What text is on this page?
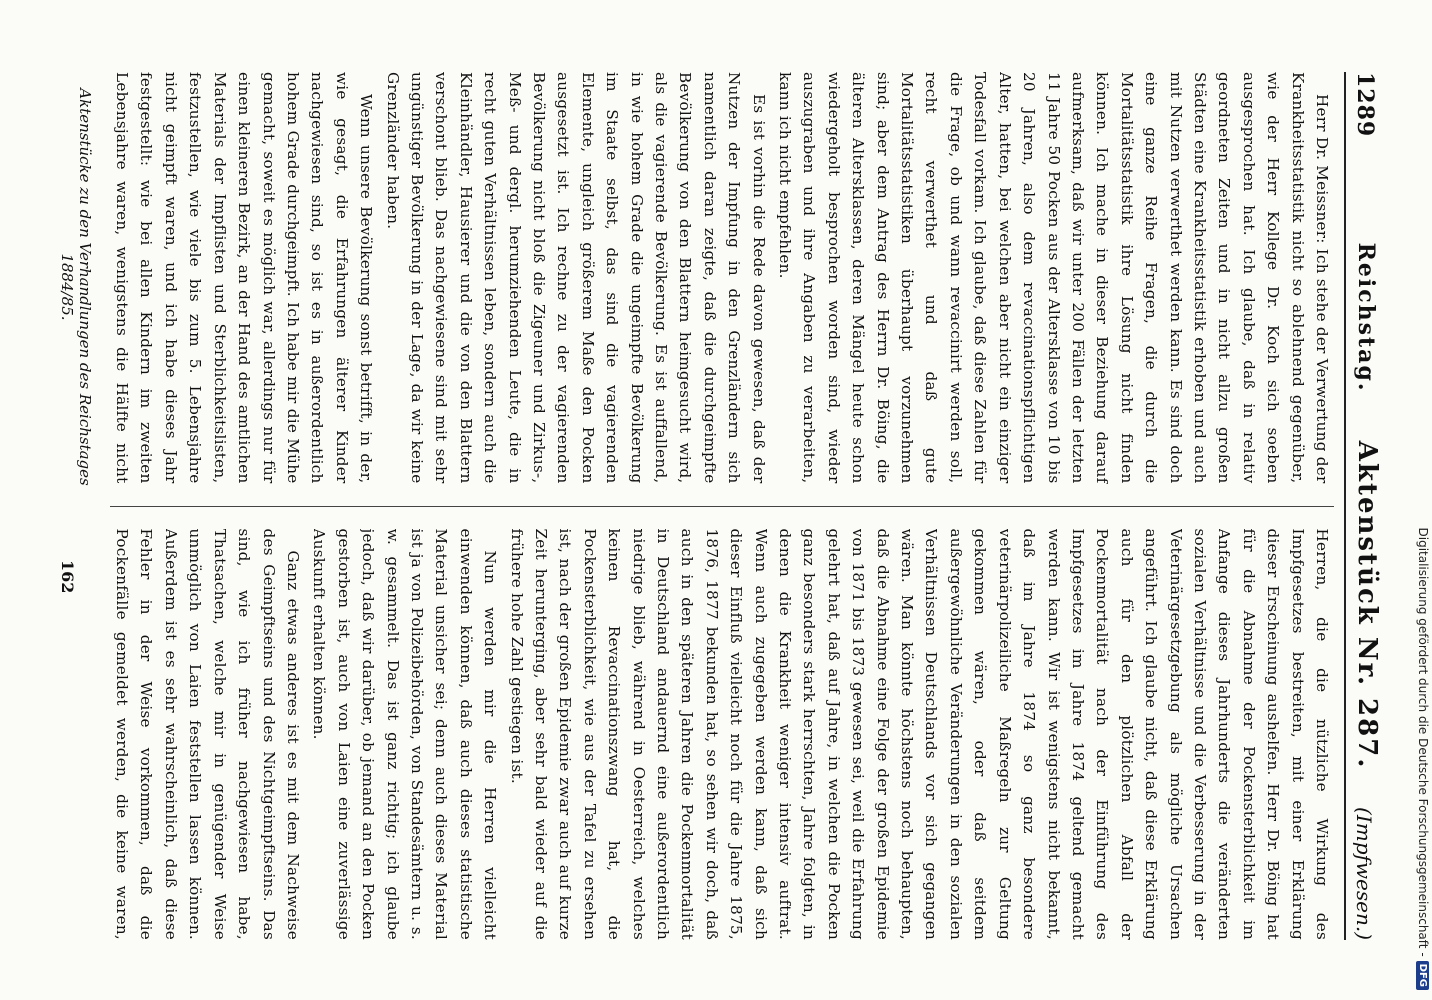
1289
Reichstag.     Aktenstück Nr. 287.
(Impfwesen.)

Herr Dr. Meissner: Ich stehe der Verwertung der Krankheitsstatistik nicht so ablehnend gegenüber, wie der Herr Kollege Dr. Koch sich soeben ausgesprochen hat. Ich glaube, daß in relativ geordneten Zeiten und in nicht allzu großen Städten eine Krankheitsstatistik erhoben und auch mit Nutzen verwerthet werden kann. Es sind doch eine ganze Reihe Fragen, die durch die Mortalitätsstatistik ihre Lösung nicht finden können. Ich mache in dieser Beziehung darauf aufmerksam, daß wir unter 200 Fällen der letzten 11 Jahre 50 Pocken aus der Altersklasse von 10 bis 20 Jahren, also dem revaccinationspflichtigen Alter, hatten, bei welchen aber nicht ein einziger Todesfall vorkam. Ich glaube, daß diese Zahlen für die Frage, ob und wann revaccinirt werden soll, recht verwerthet und daß gute Mortalitätsstatistiken überhaupt vorzunehmen sind; aber dem Antrag des Herrn Dr. Böing, die älteren Altersklassen, deren Mängel heute schon wiedergeholt besprochen worden sind, wieder auszugraben und ihre Angaben zu verarbeiten, kann ich nicht empfehlen.

Es ist vorhin die Rede davon gewesen, daß der Nutzen der Impfung in den Grenzländern sich namentlich daran zeigte, daß die durchgeimpfte Bevölkerung von den Blattern heimgesucht wird, als die vagierende Bevölkerung. Es ist auffallend, in wie hohem Grade die ungeimpfte Bevölkerung im Staate selbst, das sind die vagierenden Elemente, ungleich größerem Maße den Pocken ausgesetzt ist. Ich rechne zu der vagierenden Bevölkerung nicht bloß die Zigeuner und Zirkus-, Meß- und dergl. herumziehenden Leute, die in recht guten Verhältnissen leben, sondern auch die Kleinhändler, Hausierer und die von den Blattern verschont blieb. Das nachgewiesene sind mit sehr ungünstiger Bevölkerung in der Lage, da wir keine Grenzländer haben.

Wenn unsere Bevölkerung sonst betrifft, in der, wie gesagt, die Erfahrungen älterer Kinder nachgewiesen sind, so ist es in außerordentlich hohem Grade durchgeimpft. Ich habe mir die Mühe gemacht, soweit es möglich war, allerdings nur für einen kleineren Bezirk, an der Hand des amtlichen Materials der Impflisten und Sterblichkeitslisten, festzustellen, wie viele bis zum 5. Lebensjahre nicht geimpft waren, und ich habe dieses Jahr festgestellt: wie bei allen Kindern im zweiten Lebensjahre waren, wenigstens die Hälfte nicht

Herren, die die nützliche Wirkung des Impfgesetzes bestreiten, mit einer Erklärung dieser Erscheinung aushelfen. Herr Dr. Böing hat für die Abnahme der Pockensterblichkeit im Anfange dieses Jahrhunderts die veränderten sozialen Verhältnisse und die Verbesserung in der Veterinärgesetzgebung als mögliche Ursachen angeführt. Ich glaube nicht, daß diese Erklärung auch für den plötzlichen Abfall der Pockenmortalität nach der Einführung des Impfgesetzes im Jahre 1874 geltend gemacht werden kann. Wir ist wenigstens nicht bekannt, daß im Jahre 1874 so ganz besondere veterinärpolizeiliche Maßregeln zur Geltung gekommen wären, oder daß seitdem außergewöhnliche Veränderungen in den sozialen Verhältnissen Deutschlands vor sich gegangen wären. Man könnte höchstens noch behaupten, daß die Abnahme eine Folge der großen Epidemie von 1871 bis 1873 gewesen sei, weil die Erfahrung gelehrt hat, daß auf Jahre, in welchen die Pocken ganz besonders stark herrschten, Jahre folgten, in denen die Krankheit weniger intensiv auftrat. Wenn auch zugegeben werden kann, daß sich dieser Einfluß vielleicht noch für die Jahre 1875, 1876, 1877 bekunden hat, so sehen wir doch, daß auch in den späteren Jahren die Pockenmortalität in Deutschland andauernd eine außerordentlich niedrige blieb, während in Oesterreich, welches keinen Revaccinationszwang hat, die Pockensterblichkeit, wie aus der Tafel zu ersehen ist, nach der großen Epidemie zwar auch auf kurze Zeit herunterging, aber sehr bald wieder auf die frühere hohe Zahl gestiegen ist.

Nun werden mir die Herren vielleicht einwenden können, daß auch dieses statistische Material unsicher sei; denn auch dieses Material ist ja von Polizeibehörden, von Standesämtern u. s. w. gesammelt. Das ist ganz richtig; ich glaube jedoch, daß wir darüber, ob jemand an den Pocken gestorben ist, auch von Laien eine zuverlässige Auskunft erhalten können.

Ganz etwas anderes ist es mit dem Nachweise des Geimpftseins und des Nichtgeimpftseins. Das sind, wie ich früher nachgewiesen habe, Thatsachen, welche mir in genügender Weise unmöglich von Laien feststellen lassen können. Außerdem ist es sehr wahrscheinlich, daß diese Fehler in der Weise vorkommen, daß die Pockenfälle gemeldet werden, die keine waren,

Aktenstücke zu den Verhandlungen des Reichstages 1884/85.
162	Digitalisierung gefördert durch die Deutsche Forschungsgemeinschaft -
DFG
